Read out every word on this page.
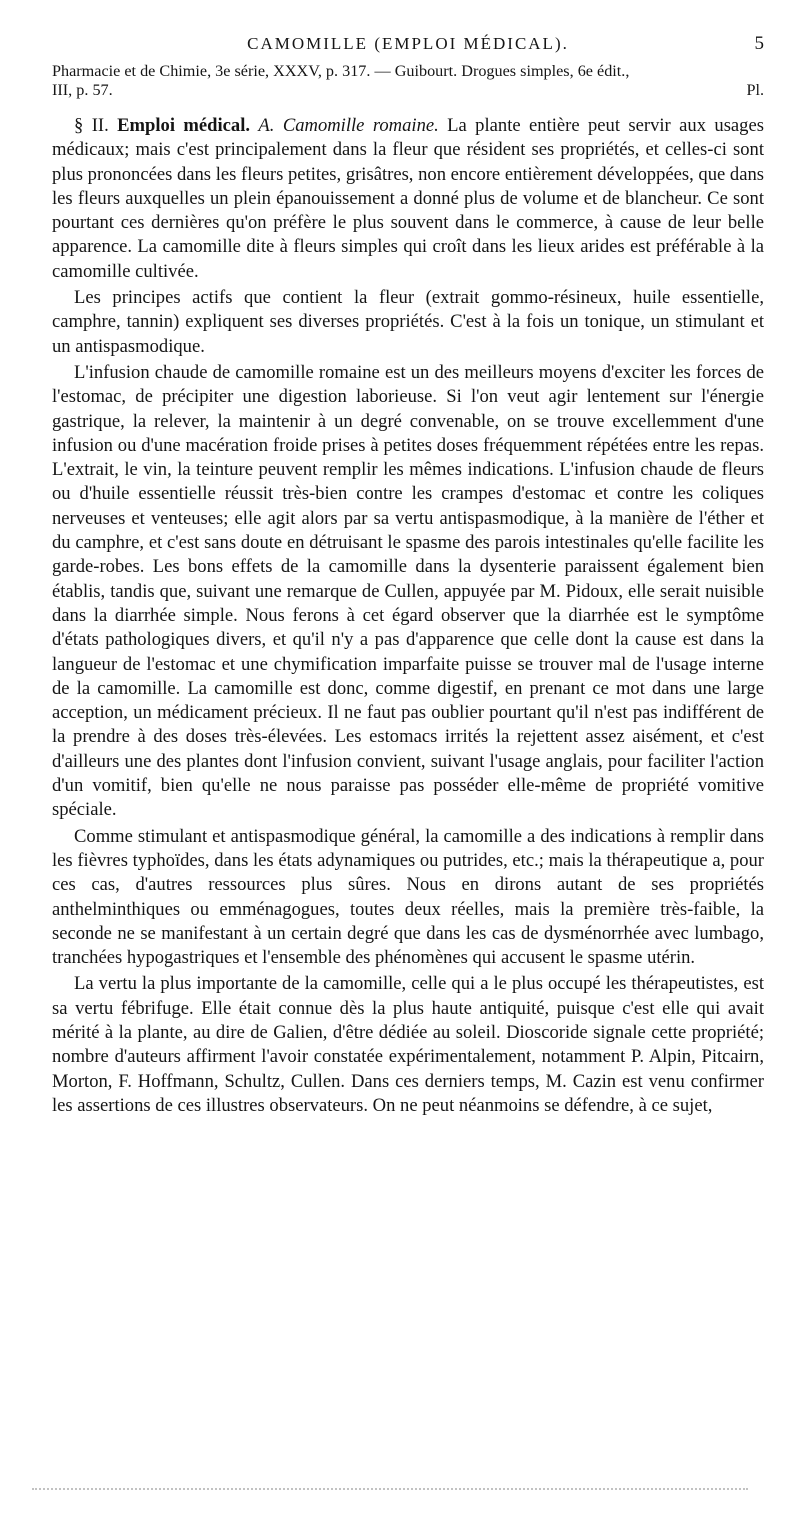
CAMOMILLE (EMPLOI MÉDICAL).	5
Pharmacie et de Chimie, 3e série, XXXV, p. 317. — Guibourt. Drogues simples, 6e édit.,
III, p. 57.	Pl.

§ II. Emploi médical. A. Camomille romaine. La plante entière peut servir aux usages médicaux; mais c'est principalement dans la fleur que résident ses propriétés, et celles-ci sont plus prononcées dans les fleurs petites, grisâtres, non encore entièrement développées, que dans les fleurs auxquelles un plein épanouissement a donné plus de volume et de blancheur. Ce sont pourtant ces dernières qu'on préfère le plus souvent dans le commerce, à cause de leur belle apparence. La camomille dite à fleurs simples qui croît dans les lieux arides est préférable à la camomille cultivée.

Les principes actifs que contient la fleur (extrait gommo-résineux, huile essentielle, camphre, tannin) expliquent ses diverses propriétés. C'est à la fois un tonique, un stimulant et un antispasmodique.

L'infusion chaude de camomille romaine est un des meilleurs moyens d'exciter les forces de l'estomac, de précipiter une digestion laborieuse. Si l'on veut agir lentement sur l'énergie gastrique, la relever, la maintenir à un degré convenable, on se trouve excellemment d'une infusion ou d'une macération froide prises à petites doses fréquemment répétées entre les repas. L'extrait, le vin, la teinture peuvent remplir les mêmes indications. L'infusion chaude de fleurs ou d'huile essentielle réussit très-bien contre les crampes d'estomac et contre les coliques nerveuses et venteuses; elle agit alors par sa vertu antispasmodique, à la manière de l'éther et du camphre, et c'est sans doute en détruisant le spasme des parois intestinales qu'elle facilite les garde-robes. Les bons effets de la camomille dans la dysenterie paraissent également bien établis, tandis que, suivant une remarque de Cullen, appuyée par M. Pidoux, elle serait nuisible dans la diarrhée simple. Nous ferons à cet égard observer que la diarrhée est le symptôme d'états pathologiques divers, et qu'il n'y a pas d'apparence que celle dont la cause est dans la langueur de l'estomac et une chymification imparfaite puisse se trouver mal de l'usage interne de la camomille. La camomille est donc, comme digestif, en prenant ce mot dans une large acception, un médicament précieux. Il ne faut pas oublier pourtant qu'il n'est pas indifférent de la prendre à des doses très-élevées. Les estomacs irrités la rejettent assez aisément, et c'est d'ailleurs une des plantes dont l'infusion convient, suivant l'usage anglais, pour faciliter l'action d'un vomitif, bien qu'elle ne nous paraisse pas posséder elle-même de propriété vomitive spéciale.

Comme stimulant et antispasmodique général, la camomille a des indications à remplir dans les fièvres typhoïdes, dans les états adynamiques ou putrides, etc.; mais la thérapeutique a, pour ces cas, d'autres ressources plus sûres. Nous en dirons autant de ses propriétés anthelminthiques ou emménagogues, toutes deux réelles, mais la première très-faible, la seconde ne se manifestant à un certain degré que dans les cas de dysménorrhée avec lumbago, tranchées hypogastriques et l'ensemble des phénomènes qui accusent le spasme utérin.

La vertu la plus importante de la camomille, celle qui a le plus occupé les thérapeutistes, est sa vertu fébrifuge. Elle était connue dès la plus haute antiquité, puisque c'est elle qui avait mérité à la plante, au dire de Galien, d'être dédiée au soleil. Dioscoride signale cette propriété; nombre d'auteurs affirment l'avoir constatée expérimentalement, notamment P. Alpin, Pitcairn, Morton, F. Hoffmann, Schultz, Cullen. Dans ces derniers temps, M. Cazin est venu confirmer les assertions de ces illustres observateurs. On ne peut néanmoins se défendre, à ce sujet,
